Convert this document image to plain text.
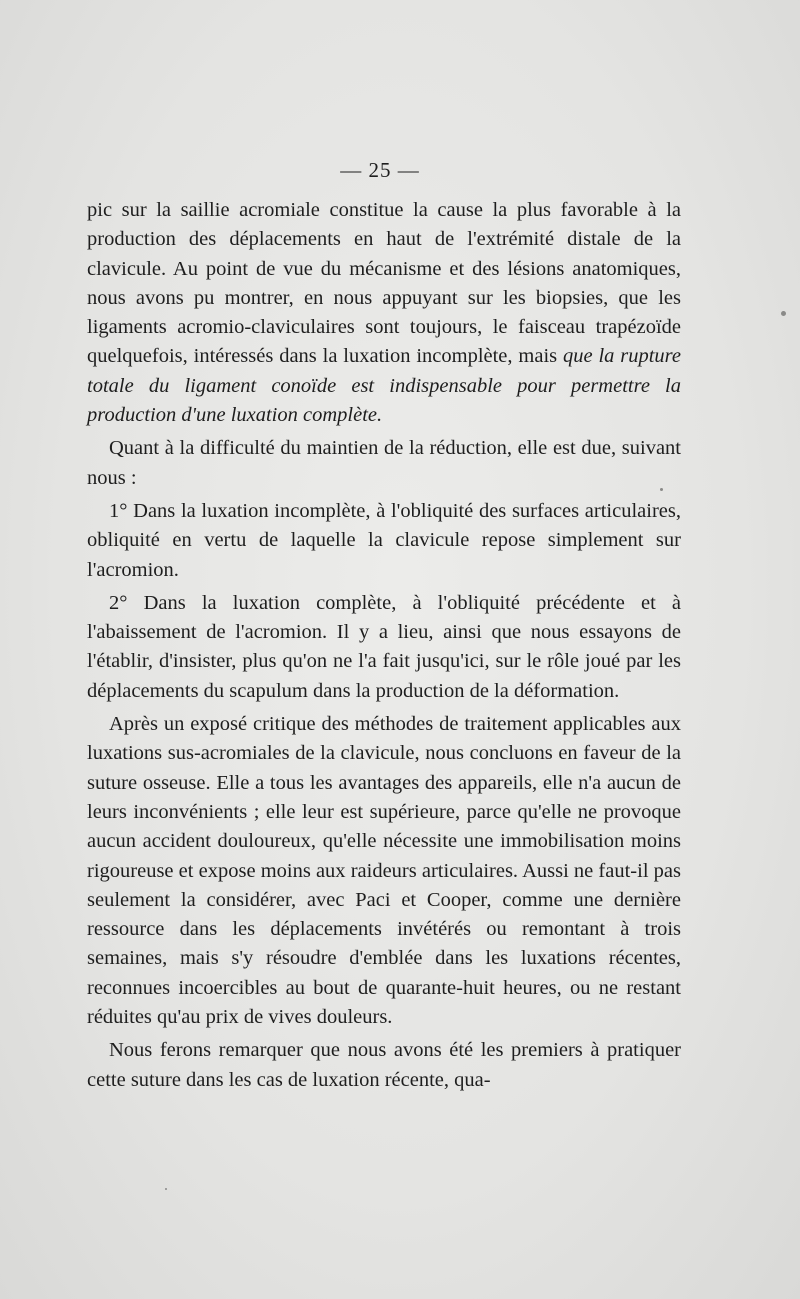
— 25 —

pic sur la saillie acromiale constitue la cause la plus favorable à la production des déplacements en haut de l'extrémité distale de la clavicule. Au point de vue du mécanisme et des lésions anatomiques, nous avons pu montrer, en nous appuyant sur les biopsies, que les ligaments acromio-claviculaires sont toujours, le faisceau trapézoïde quelquefois, intéressés dans la luxation incomplète, mais que la rupture totale du ligament conoïde est indispensable pour permettre la production d'une luxation complète.

Quant à la difficulté du maintien de la réduction, elle est due, suivant nous :

1° Dans la luxation incomplète, à l'obliquité des surfaces articulaires, obliquité en vertu de laquelle la clavicule repose simplement sur l'acromion.

2° Dans la luxation complète, à l'obliquité précédente et à l'abaissement de l'acromion. Il y a lieu, ainsi que nous essayons de l'établir, d'insister, plus qu'on ne l'a fait jusqu'ici, sur le rôle joué par les déplacements du scapulum dans la production de la déformation.

Après un exposé critique des méthodes de traitement applicables aux luxations sus-acromiales de la clavicule, nous concluons en faveur de la suture osseuse. Elle a tous les avantages des appareils, elle n'a aucun de leurs inconvénients ; elle leur est supérieure, parce qu'elle ne provoque aucun accident douloureux, qu'elle nécessite une immobilisation moins rigoureuse et expose moins aux raideurs articulaires. Aussi ne faut-il pas seulement la considérer, avec Paci et Cooper, comme une dernière ressource dans les déplacements invétérés ou remontant à trois semaines, mais s'y résoudre d'emblée dans les luxations récentes, reconnues incoercibles au bout de quarante-huit heures, ou ne restant réduites qu'au prix de vives douleurs.

Nous ferons remarquer que nous avons été les premiers à pratiquer cette suture dans les cas de luxation récente, qua-
